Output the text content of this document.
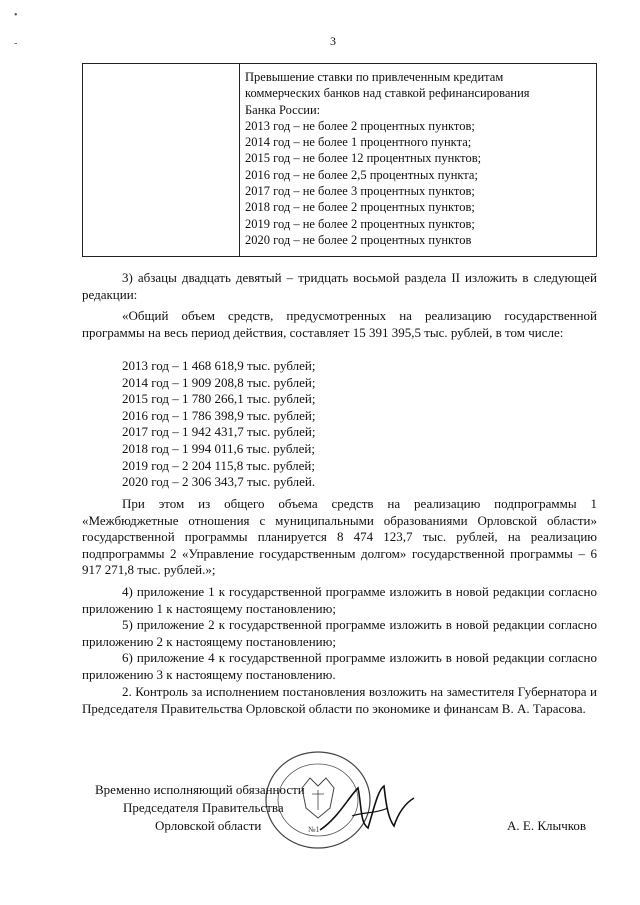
•
-	3
Превышение ставки по привлеченным кредитам
коммерческих банков над ставкой рефинансирования
Банка России:
2013 год – не более 2 процентных пунктов;
2014 год – не более 1 процентного пункта;
2015 год – не более 12 процентных пунктов;
2016 год – не более 2,5 процентных пункта;
2017 год – не более 3 процентных пунктов;
2018 год – не более 2 процентных пунктов;
2019 год – не более 2 процентных пунктов;
2020 год – не более 2 процентных пунктов

3) абзацы двадцать девятый – тридцать восьмой раздела II изложить в следующей редакции:

«Общий объем средств, предусмотренных на реализацию государственной программы на весь период действия, составляет 15 391 395,5 тыс. рублей, в том числе:

2013 год – 1 468 618,9 тыс. рублей;
2014 год – 1 909 208,8 тыс. рублей;
2015 год – 1 780 266,1 тыс. рублей;
2016 год – 1 786 398,9 тыс. рублей;
2017 год – 1 942 431,7 тыс. рублей;
2018 год – 1 994 011,6 тыс. рублей;
2019 год – 2 204 115,8 тыс. рублей;
2020 год – 2 306 343,7 тыс. рублей.

При этом из общего объема средств на реализацию подпрограммы 1 «Межбюджетные отношения с муниципальными образованиями Орловской области» государственной программы планируется 8 474 123,7 тыс. рублей, на реализацию подпрограммы 2 «Управление государственным долгом» государственной программы – 6 917 271,8 тыс. рублей.»;

4) приложение 1 к государственной программе изложить в новой редакции согласно приложению 1 к настоящему постановлению;

5) приложение 2 к государственной программе изложить в новой редакции согласно приложению 2 к настоящему постановлению;

6) приложение 4 к государственной программе изложить в новой редакции согласно приложению 3 к настоящему постановлению.

2. Контроль за исполнением постановления возложить на заместителя Губернатора и Председателя Правительства Орловской области по экономике и финансам В. А. Тарасова.

№1
Временно исполняющий обязанности
Председателя Правительства
Орловской области	А. Е. Клычков
